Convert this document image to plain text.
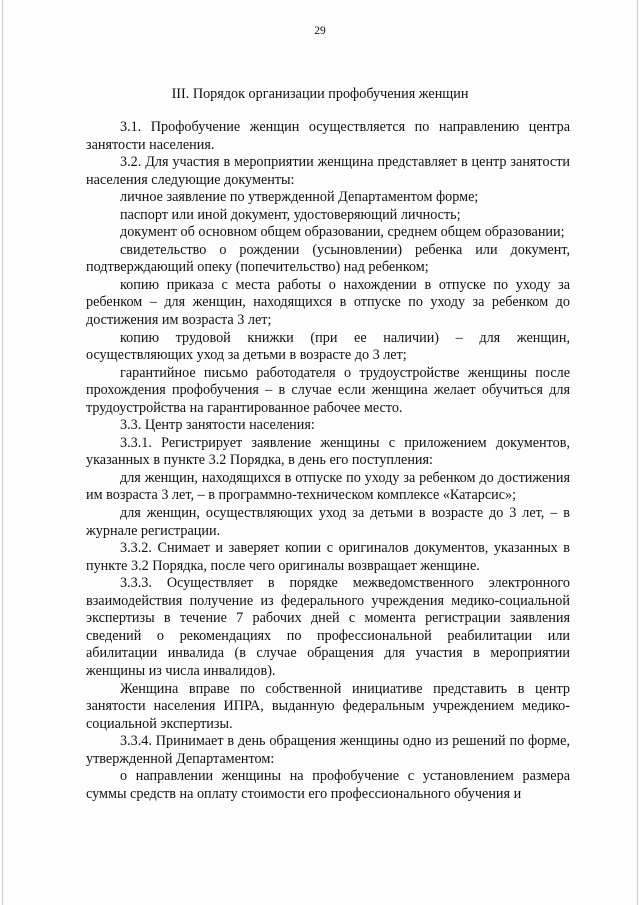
29
III. Порядок организации профобучения женщин

3.1. Профобучение женщин осуществляется по направлению центра занятости населения.

3.2. Для участия в мероприятии женщина представляет в центр занятости населения следующие документы:

личное заявление по утвержденной Департаментом форме;

паспорт или иной документ, удостоверяющий личность;

документ об основном общем образовании, среднем общем образовании;

свидетельство о рождении (усыновлении) ребенка или документ, подтверждающий опеку (попечительство) над ребенком;

копию приказа с места работы о нахождении в отпуске по уходу за ребенком – для женщин, находящихся в отпуске по уходу за ребенком до достижения им возраста 3 лет;

копию трудовой книжки (при ее наличии) – для женщин, осуществляющих уход за детьми в возрасте до 3 лет;

гарантийное письмо работодателя о трудоустройстве женщины после прохождения профобучения – в случае если женщина желает обучиться для трудоустройства на гарантированное рабочее место.

3.3. Центр занятости населения:

3.3.1. Регистрирует заявление женщины с приложением документов, указанных в пункте 3.2 Порядка, в день его поступления:

для женщин, находящихся в отпуске по уходу за ребенком до достижения им возраста 3 лет, – в программно-техническом комплексе «Катарсис»;

для женщин, осуществляющих уход за детьми в возрасте до 3 лет, – в журнале регистрации.

3.3.2. Снимает и заверяет копии с оригиналов документов, указанных в пункте 3.2 Порядка, после чего оригиналы возвращает женщине.

3.3.3. Осуществляет в порядке межведомственного электронного взаимодействия получение из федерального учреждения медико-социальной экспертизы в течение 7 рабочих дней с момента регистрации заявления сведений о рекомендациях по профессиональной реабилитации или абилитации инвалида (в случае обращения для участия в мероприятии женщины из числа инвалидов).

Женщина вправе по собственной инициативе представить в центр занятости населения ИПРА, выданную федеральным учреждением медико-социальной экспертизы.

3.3.4. Принимает в день обращения женщины одно из решений по форме, утвержденной Департаментом:

о направлении женщины на профобучение с установлением размера суммы средств на оплату стоимости его профессионального обучения и
